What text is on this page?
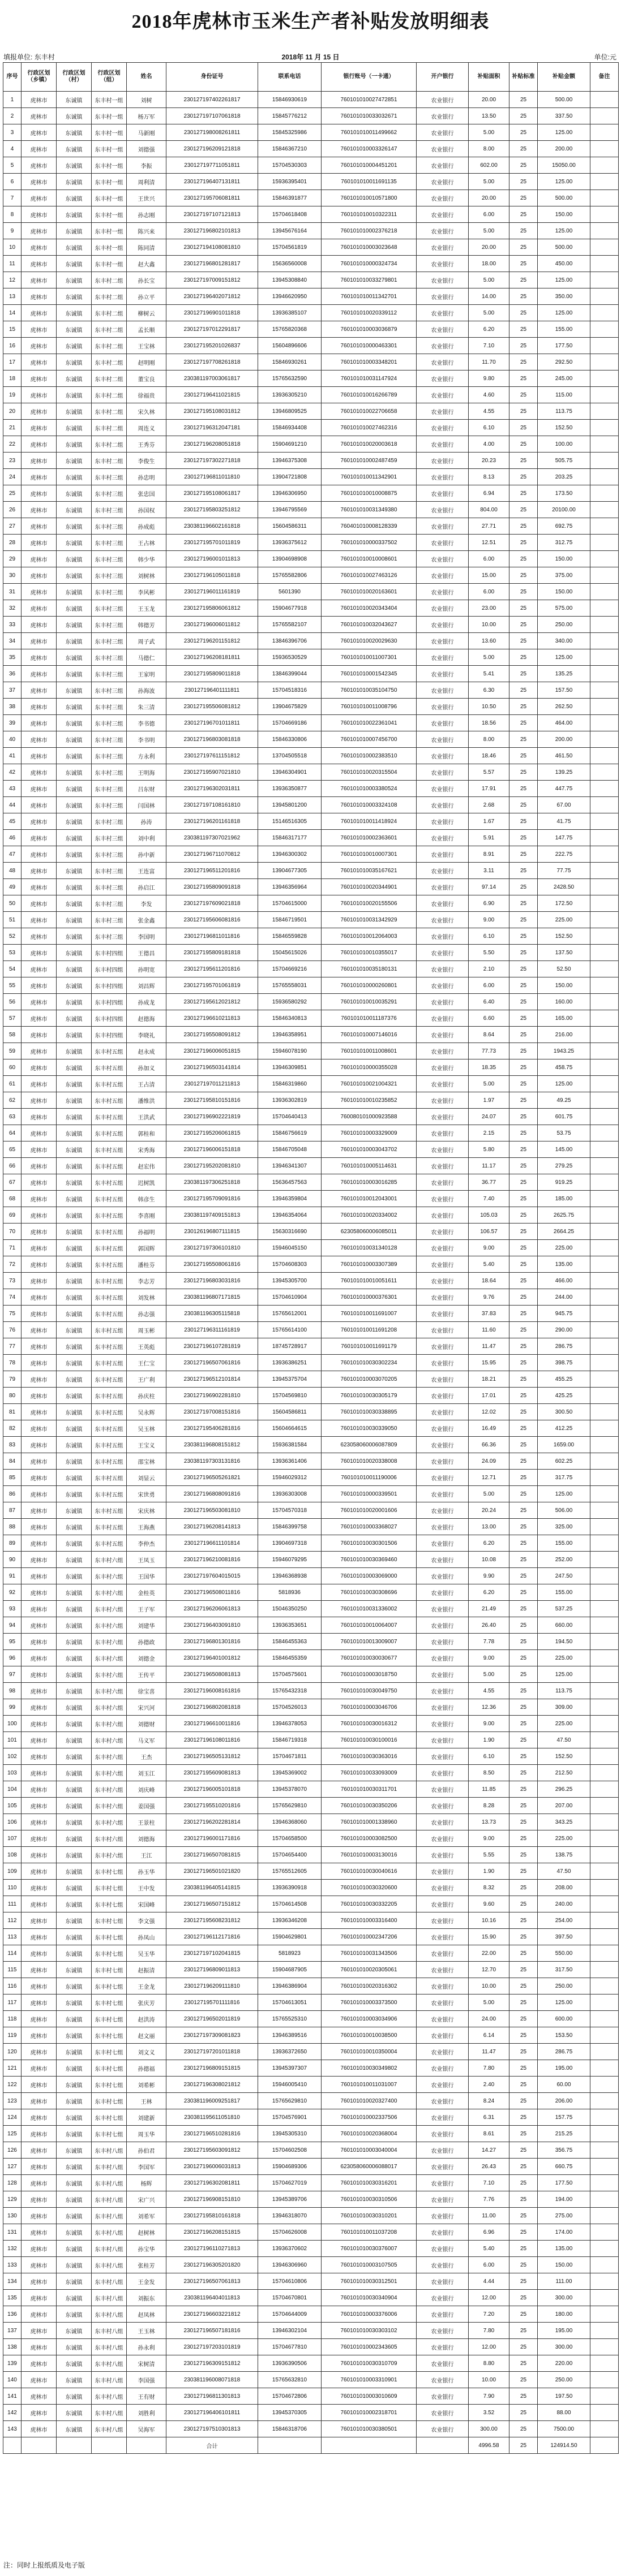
2018年虎林市玉米生产者补贴发放明细表
填报单位: 东丰村	2018年 11 月 15 日	单位:元
序号	行政区划（乡镇）	行政区划（村）	行政区划（组）	姓名	身份证号	联系电话	银行账号（一卡通）	开户银行	补贴面积	补贴标准	补贴金额	备注
1	虎林市	东诚镇	东丰村一组	刘树	230127197402261817	15846930619	760101010027472851	农业银行	20.00	25	500.00	
2	虎林市	东诚镇	东丰村一组	杨万军	230127197107061818	15845776212	760101010033032671	农业银行	13.50	25	337.50	
3	虎林市	东诚镇	东丰村一组	马新刚	230127198008261811	15845325986	760101010011499662	农业银行	5.00	25	125.00	
4	虎林市	东诚镇	东丰村一组	刘德强	230127196209121818	15846367210	760101010003326147	农业银行	8.00	25	200.00	
5	虎林市	东诚镇	东丰村一组	李振	230127197711051811	15704530303	760101010004451201	农业银行	602.00	25	15050.00	
6	虎林市	东诚镇	东丰村一组	周利清	230127196407131811	15936395401	760101010011691135	农业银行	5.00	25	125.00	
7	虎林市	东诚镇	东丰村一组	王世兴	230127195706081811	15846391877	760101010010571800	农业银行	20.00	25	500.00	
8	虎林市	东诚镇	东丰村一组	孙志刚	230127197107121813	15704618408	760101010010322311	农业银行	6.00	25	150.00	
9	虎林市	东诚镇	东丰村一组	陈兴来	230127196802101813	13945676164	760101010002376218	农业银行	5.00	25	125.00	
10	虎林市	东诚镇	东丰村一组	陈同清	230127194108081810	15704561819	760101010003023648	农业银行	20.00	25	500.00	
11	虎林市	东诚镇	东丰村一组	赵大鑫	230127196801281817	15636560008	760101010000324734	农业银行	18.00	25	450.00	
12	虎林市	东诚镇	东丰村二组	孙长宝	230127197009151812	13945308840	760101010033279801	农业银行	5.00	25	125.00	
13	虎林市	东诚镇	东丰村二组	孙立平	230127196402071812	13946620950	760101010011342701	农业银行	14.00	25	350.00	
14	虎林市	东诚镇	东丰村二组	柳树云	230127196901011818	13936385107	760101010020339112	农业银行	5.00	25	125.00	
15	虎林市	东诚镇	东丰村二组	孟长顺	230127197012291817	15765820368	760101010003036879	农业银行	6.20	25	155.00	
16	虎林市	东诚镇	东丰村二组	王宝林	230127195201026837	15604896606	760101010000463301	农业银行	7.10	25	177.50	
17	虎林市	东诚镇	东丰村二组	赵明刚	230127197708261818	15846930261	760101010003348201	农业银行	11.70	25	292.50	
18	虎林市	东诚镇	东丰村二组	董宝良	230381197003061817	15765632590	760101010031147924	农业银行	9.80	25	245.00	
19	虎林市	东诚镇	东丰村二组	徐福贵	230127196411021815	13936305210	760101010016266789	农业银行	4.60	25	115.00	
20	虎林市	东诚镇	东丰村二组	宋久林	230127195108031812	13946809525	760101010022706658	农业银行	4.55	25	113.75	
21	虎林市	东诚镇	东丰村二组	周连义	230127196312047181	15846934408	760101010027462316	农业银行	6.10	25	152.50	
22	虎林市	东诚镇	东丰村二组	王秀芬	230127196208051818	15904691210	760101010020003618	农业银行	4.00	25	100.00	
23	虎林市	东诚镇	东丰村二组	李俊生	230127197302271818	13946375308	760101010002487459	农业银行	20.23	25	505.75	
24	虎林市	东诚镇	东丰村三组	孙忠明	230127196811011810	13904721808	760101010011342901	农业银行	8.13	25	203.25	
25	虎林市	东诚镇	东丰村三组	张忠国	230127195108061817	13946306950	760101010010008875	农业银行	6.94	25	173.50	
26	虎林市	东诚镇	东丰村三组	孙国权	230127195803251812	13946795569	760101010031349380	农业银行	804.00	25	20100.00	
27	虎林市	东诚镇	东丰村三组	孙成彪	230381196602161818	15604586311	760401010008128339	农业银行	27.71	25	692.75	
28	虎林市	东诚镇	东丰村三组	王占林	230127195701011819	13936375612	760101010000337502	农业银行	12.51	25	312.75	
29	虎林市	东诚镇	东丰村三组	韩少华	230127196001011813	13904698908	760101010010008601	农业银行	6.00	25	150.00	
30	虎林市	东诚镇	东丰村三组	刘树林	230127196105011818	15765582806	760101010027463126	农业银行	15.00	25	375.00	
31	虎林市	东诚镇	东丰村三组	李风彬	230127196011161819	5601390	760101010020163601	农业银行	6.00	25	150.00	
32	虎林市	东诚镇	东丰村三组	王玉龙	230127195806061812	15904677918	760101010020343404	农业银行	23.00	25	575.00	
33	虎林市	东诚镇	东丰村三组	韩德芳	230127196006011812	15765582107	760101010032043627	农业银行	10.00	25	250.00	
34	虎林市	东诚镇	东丰村三组	周子武	230127196201151812	13846396706	760101010020029630	农业银行	13.60	25	340.00	
35	虎林市	东诚镇	东丰村三组	马德仁	230127196208181811	15936530529	760101010011007301	农业银行	5.00	25	125.00	
36	虎林市	东诚镇	东丰村三组	王家明	230127195809011818	13846399044	760101010001542345	农业银行	5.41	25	135.25	
37	虎林市	东诚镇	东丰村三组	孙海波	230127196401111811	15704518316	760101010035104750	农业银行	6.30	25	157.50	
38	虎林市	东诚镇	东丰村三组	朱三清	230127195506081812	13904675829	760101010011008796	农业银行	10.50	25	262.50	
39	虎林市	东诚镇	东丰村三组	李书德	230127196701011811	15704669186	760101010022361041	农业银行	18.56	25	464.00	
40	虎林市	东诚镇	东丰村三组	李书明	230127196803081818	15846330806	760101010007456700	农业银行	8.00	25	200.00	
41	虎林市	东诚镇	东丰村三组	方永利	230127197611151812	13704505518	760101010002383510	农业银行	18.46	25	461.50	
42	虎林市	东诚镇	东丰村三组	王明海	230127195907021810	13946304901	760101010020315504	农业银行	5.57	25	139.25	
43	虎林市	东诚镇	东丰村三组	吕东财	230127196302031811	13936350877	760101010003380524	农业银行	17.91	25	447.75	
44	虎林市	东诚镇	东丰村三组	闫国林	230127197108161810	13945801200	760101010003324108	农业银行	2.68	25	67.00	
45	虎林市	东诚镇	东丰村三组	孙涛	230127196201161818	15146516305	760101010011418924	农业银行	1.67	25	41.75	
46	虎林市	东诚镇	东丰村三组	刘中利	230381197307021962	15846317177	760101010002363601	农业银行	5.91	25	147.75	
47	虎林市	东诚镇	东丰村三组	孙中新	230127196711070812	13946300302	760101010010007301	农业银行	8.91	25	222.75	
48	虎林市	东诚镇	东丰村三组	王连富	230127196511201816	13904677305	760101010035167621	农业银行	3.11	25	77.75	
49	虎林市	东诚镇	东丰村三组	孙启江	230127195809091818	13946356964	760101010020344901	农业银行	97.14	25	2428.50	
50	虎林市	东诚镇	东丰村三组	李发	230127197609021818	15704615000	760101010020155506	农业银行	6.90	25	172.50	
51	虎林市	东诚镇	东丰村三组	张金鑫	230127195606081816	15846719501	760101010031342929	农业银行	9.00	25	225.00	
52	虎林市	东诚镇	东丰村三组	李国明	230127196811011816	15846559828	760101010012064003	农业银行	6.10	25	152.50	
53	虎林市	东诚镇	东丰村四组	王德昌	230127195809181818	15045615026	760101010010355017	农业银行	5.50	25	137.50	
54	虎林市	东诚镇	东丰村四组	孙明宽	230127195611201816	15704669216	760101010035180131	农业银行	2.10	25	52.50	
55	虎林市	东诚镇	东丰村四组	刘昌辉	230127195701061819	15765558031	760101010000260801	农业银行	6.00	25	150.00	
56	虎林市	东诚镇	东丰村四组	孙成龙	230127195612021812	15936580292	760101010010035291	农业银行	6.40	25	160.00	
57	虎林市	东诚镇	东丰村四组	赵德海	230127196610211813	15846340813	760101010011187376	农业银行	6.60	25	165.00	
58	虎林市	东诚镇	东丰村四组	李晓礼	230127195508091812	13946358951	760101010007146016	农业银行	8.64	25	216.00	
59	虎林市	东诚镇	东丰村五组	赵永成	230127196006051815	15946078190	760101010011008601	农业银行	77.73	25	1943.25	
60	虎林市	东诚镇	东丰村五组	孙加义	230127196503141814	13946309851	760101010000355028	农业银行	18.35	25	458.75	
61	虎林市	东诚镇	东丰村五组	王占清	230127197011211813	15846319860	760101010021004321	农业银行	5.00	25	125.00	
62	虎林市	东诚镇	东丰村五组	潘维洪	230127195810151816	13936302819	760101010010235852	农业银行	1.97	25	49.25	
63	虎林市	东诚镇	东丰村五组	王洪武	230127196902221819	15704640413	760080101000923588	农业银行	24.07	25	601.75	
64	虎林市	东诚镇	东丰村五组	郭桂和	230127195206061815	15846756619	760101010003329009	农业银行	2.15	25	53.75	
65	虎林市	东诚镇	东丰村五组	宋秀海	230127196006151818	15846705048	760101010003043702	农业银行	5.80	25	145.00	
66	虎林市	东诚镇	东丰村五组	赵宏伟	230127195202081810	13946341307	760101010005114631	农业银行	11.17	25	279.25	
67	虎林市	东诚镇	东丰村五组	迟树凯	230381197306251818	15636457563	760101010003016285	农业银行	36.77	25	919.25	
68	虎林市	东诚镇	东丰村五组	韩彦生	230127195709091816	13946359804	760101010012043001	农业银行	7.40	25	185.00	
69	虎林市	东诚镇	东丰村五组	李喜刚	230381197409151813	13946354064	760101010020334002	农业银行	105.03	25	2625.75	
70	虎林市	东诚镇	东丰村五组	孙福明	230126196807111815	15630316690	623058060006085011	农业银行	106.57	25	2664.25	
71	虎林市	东诚镇	东丰村五组	郭国辉	230127197306101810	15946045150	760101010031340128	农业银行	9.00	25	225.00	
72	虎林市	东诚镇	东丰村五组	潘桂芬	230127195508061816	15704608303	760101010003307389	农业银行	5.40	25	135.00	
73	虎林市	东诚镇	东丰村五组	李志芳	230127196803031816	13945305700	760101010010051611	农业银行	18.64	25	466.00	
74	虎林市	东诚镇	东丰村五组	刘发林	230381196807171815	15704610904	760101010000376301	农业银行	9.76	25	244.00	
75	虎林市	东诚镇	东丰村五组	孙志强	230381196305115818	15765612001	760101010011691007	农业银行	37.83	25	945.75	
76	虎林市	东诚镇	东丰村五组	周玉彬	230127196311161819	15765614100	760101010011691208	农业银行	11.60	25	290.00	
77	虎林市	东诚镇	东丰村五组	王英彪	230127196107281819	18745728917	760101010011691179	农业银行	11.47	25	286.75	
78	虎林市	东诚镇	东丰村五组	王仁宝	230127196507061816	13936386251	760101010030302234	农业银行	15.95	25	398.75	
79	虎林市	东诚镇	东丰村五组	王广利	230127196512101814	13945375704	760101010003070205	农业银行	18.21	25	455.25	
80	虎林市	东诚镇	东丰村五组	孙庆柱	230127196902281810	15704569810	760101010030305179	农业银行	17.01	25	425.25	
81	虎林市	东诚镇	东丰村五组	吴永辉	230127197008151816	15604586811	760101010030338895	农业银行	12.02	25	300.50	
82	虎林市	东诚镇	东丰村五组	吴玉林	230127195406281816	15604664615	760101010030339050	农业银行	16.49	25	412.25	
83	虎林市	东诚镇	东丰村五组	王宝义	230381196808151812	15936381584	623058060006087809	农业银行	66.36	25	1659.00	
84	虎林市	东诚镇	东丰村五组	邵宝林	230381197303131816	13936361406	760101010020338008	农业银行	24.09	25	602.25	
85	虎林市	东诚镇	东丰村五组	刘显云	230127196505261821	15946029312	760101010011190006	农业银行	12.71	25	317.75	
86	虎林市	东诚镇	东丰村五组	宋世勇	230127196808091816	13936303008	760101010000339501	农业银行	5.00	25	125.00	
87	虎林市	东诚镇	东丰村五组	宋庆林	230127196503081810	15704570318	760101010020001606	农业银行	20.24	25	506.00	
88	虎林市	东诚镇	东丰村五组	王海燕	230127196208141813	15846399758	760101010003368027	农业银行	13.00	25	325.00	
89	虎林市	东诚镇	东丰村五组	李仲杰	230127196611101814	13904697318	760101010030301506	农业银行	6.20	25	155.00	
90	虎林市	东诚镇	东丰村六组	王凤玉	230127196210081816	15946079295	760101010030369460	农业银行	10.08	25	252.00	
91	虎林市	东诚镇	东丰村六组	王国华	230127197604015015	13946368938	760101010003069000	农业银行	9.90	25	247.50	
92	虎林市	东诚镇	东丰村六组	金桂英	230127196508011816	5818936	760101010030308696	农业银行	6.20	25	155.00	
93	虎林市	东诚镇	东丰村六组	王子军	230127196206061813	15046350250	760101010031336002	农业银行	21.49	25	537.25	
94	虎林市	东诚镇	东丰村六组	刘建华	230127196403091810	13936353651	760101010010064007	农业银行	26.40	25	660.00	
95	虎林市	东诚镇	东丰村六组	孙德政	230127196801301816	15846455363	760101010013009007	农业银行	7.78	25	194.50	
96	虎林市	东诚镇	东丰村六组	刘德金	230127196401001812	15846455359	760101010030030677	农业银行	9.00	25	225.00	
97	虎林市	东诚镇	东丰村六组	王传平	230127196508081813	15704575601	760101010003018750	农业银行	5.00	25	125.00	
98	虎林市	东诚镇	东丰村六组	徐宝喜	230127196008161816	15765432318	760101010030049750	农业银行	4.55	25	113.75	
99	虎林市	东诚镇	东丰村六组	宋兴河	230127196802081818	15704526013	760101010003046706	农业银行	12.36	25	309.00	
100	虎林市	东诚镇	东丰村六组	刘德财	230127196610011816	13946378053	760101010030016312	农业银行	9.00	25	225.00	
101	虎林市	东诚镇	东丰村六组	马义军	230127196108011816	15846719318	760101010030100016	农业银行	1.90	25	47.50	
102	虎林市	东诚镇	东丰村六组	王杰	230127196505131812	15704671811	760101010030363016	农业银行	6.10	25	152.50	
103	虎林市	东诚镇	东丰村六组	刘玉江	230127195609081813	13945369002	760101010033093009	农业银行	8.50	25	212.50	
104	虎林市	东诚镇	东丰村六组	刘庆峰	230127196005101818	13945378070	760101010030311701	农业银行	11.85	25	296.25	
105	虎林市	东诚镇	东丰村六组	姜国强	230127195510201816	15765629810	760101010030350206	农业银行	8.28	25	207.00	
106	虎林市	东诚镇	东丰村六组	王景柱	230127196202281814	13946368060	760101010001338960	农业银行	13.73	25	343.25	
107	虎林市	东诚镇	东丰村六组	刘德海	230127196001171816	15704658500	760101010003082500	农业银行	9.00	25	225.00	
108	虎林市	东诚镇	东丰村六组	王江	230127196507081815	15704654400	760101010003130016	农业银行	5.55	25	138.75	
109	虎林市	东诚镇	东丰村七组	孙玉华	230127196501021820	15765512605	760101010030040616	农业银行	1.90	25	47.50	
110	虎林市	东诚镇	东丰村七组	王中发	230381196405141815	13936390918	760101010030320600	农业银行	8.32	25	208.00	
111	虎林市	东诚镇	东丰村七组	宋国峰	230127196507151812	15704614508	760101010030332205	农业银行	9.60	25	240.00	
112	虎林市	东诚镇	东丰村七组	李文强	230127195608231812	13936346208	760101010003316400	农业银行	10.16	25	254.00	
113	虎林市	东诚镇	东丰村七组	孙凤山	230127196112171816	15904629801	760101010002347206	农业银行	15.90	25	397.50	
114	虎林市	东诚镇	东丰村七组	吴玉华	230127197102041815	5818923	760101010031343506	农业银行	22.00	25	550.00	
115	虎林市	东诚镇	东丰村七组	赵振清	230127196809011813	15904687905	760101010020305061	农业银行	12.70	25	317.50	
116	虎林市	东诚镇	东丰村七组	王金龙	230127196209111810	13946386904	760101010020316302	农业银行	10.00	25	250.00	
117	虎林市	东诚镇	东丰村七组	张庆芳	230127195701111816	15704613051	760101010003373500	农业银行	5.00	25	125.00	
118	虎林市	东诚镇	东丰村七组	赵洪涛	230127196502011819	15765525310	760101010003034906	农业银行	24.00	25	600.00	
119	虎林市	东诚镇	东丰村七组	赵文丽	230127197309081823	13946389516	760101010010038500	农业银行	6.14	25	153.50	
120	虎林市	东诚镇	东丰村七组	刘文义	230127197201011818	13936372650	760101010010350004	农业银行	11.47	25	286.75	
121	虎林市	东诚镇	东丰村七组	孙德福	230127196809151815	13945397307	760101010030349802	农业银行	7.80	25	195.00	
122	虎林市	东诚镇	东丰村七组	刘希彬	230127196308021812	15946005410	760101010011031007	农业银行	2.40	25	60.00	
123	虎林市	东诚镇	东丰村七组	王林	230381196009251817	15765629810	760101010020327400	农业银行	8.24	25	206.00	
124	虎林市	东诚镇	东丰村七组	刘建新	230381195611051810	15704576901	760101010002337506	农业银行	6.31	25	157.75	
125	虎林市	东诚镇	东丰村七组	周玉华	230127196510281816	13945305310	760101010020368004	农业银行	8.61	25	215.25	
126	虎林市	东诚镇	东丰村八组	孙伯君	230127195603091812	15704602508	760101010003040004	农业银行	14.27	25	356.75	
127	虎林市	东诚镇	东丰村八组	李国军	230127196006031813	15904689306	623058060006088017	农业银行	26.43	25	660.75	
128	虎林市	东诚镇	东丰村八组	杨辉	230127196302081811	15704627019	760101010030316201	农业银行	7.10	25	177.50	
129	虎林市	东诚镇	东丰村八组	宋广兴	230127196908151810	13945389706	760101010030310506	农业银行	7.76	25	194.00	
130	虎林市	东诚镇	东丰村八组	刘希军	230127195810161818	13946318070	760101010030310201	农业银行	11.00	25	275.00	
131	虎林市	东诚镇	东丰村八组	赵树林	230127196208151815	15704626008	760101010011037208	农业银行	6.96	25	174.00	
132	虎林市	东诚镇	东丰村八组	孙宝华	230127196110271813	13936370602	760101010030376007	农业银行	5.40	25	135.00	
133	虎林市	东诚镇	东丰村八组	张桂芳	230127196305201820	13946306960	760101010003107505	农业银行	6.00	25	150.00	
134	虎林市	东诚镇	东丰村八组	王金发	230127196507061813	15704610806	760101010030312501	农业银行	4.44	25	111.00	
135	虎林市	东诚镇	东丰村八组	刘振东	230381196404011813	15704670801	760101010030340904	农业银行	12.00	25	300.00	
136	虎林市	东诚镇	东丰村八组	赵凤林	230127196603221812	15704644009	760101010003376006	农业银行	7.20	25	180.00	
137	虎林市	东诚镇	东丰村八组	王玉林	230127196507181816	13946302104	760101010030303102	农业银行	7.80	25	195.00	
138	虎林市	东诚镇	东丰村八组	孙永利	230127197203101819	15704677810	760101010002343605	农业银行	12.00	25	300.00	
139	虎林市	东诚镇	东丰村八组	宋树清	230127196309151812	13936390506	760101010030310709	农业银行	8.80	25	220.00	
140	虎林市	东诚镇	东丰村八组	李国强	230381196008071818	15765632810	760101010003310901	农业银行	10.00	25	250.00	
141	虎林市	东诚镇	东丰村八组	王有财	230127196811301813	15704672806	760101010003010609	农业银行	7.90	25	197.50	
142	虎林市	东诚镇	东丰村八组	刘胜利	230127196406101811	13945370305	760101010002318701	农业银行	3.52	25	88.00	
143	虎林市	东诚镇	东丰村八组	吴海军	230127197510301813	15846318706	760101010030380501	农业银行	300.00	25	7500.00	
					合计				4996.58	25	124914.50	
注：同时上报纸质及电子版
